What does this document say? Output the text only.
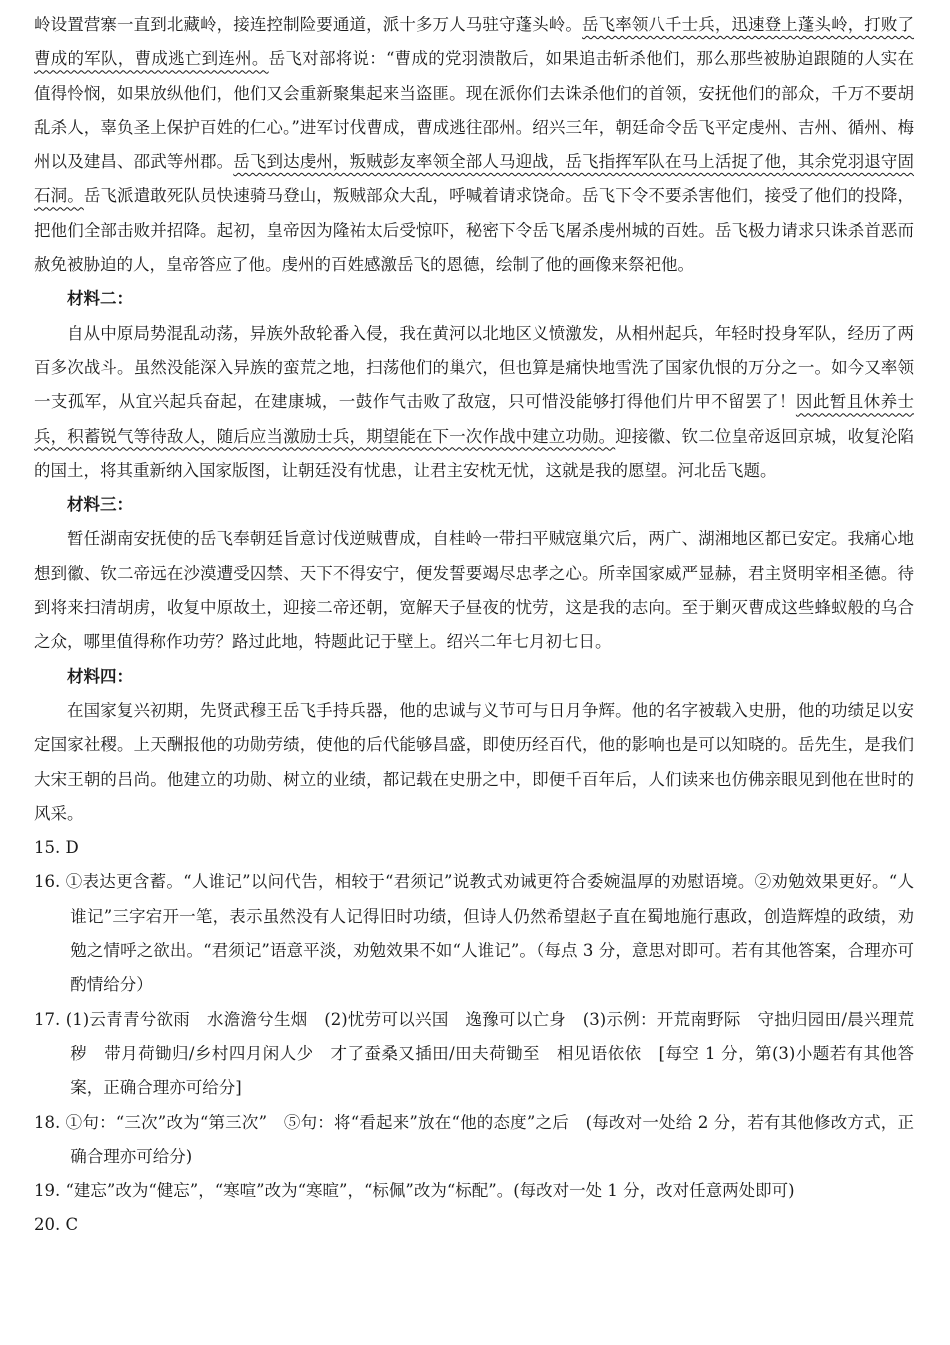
岭设置营寨一直到北藏岭，接连控制险要通道，派十多万人马驻守蓬头岭。岳飞率领八千士兵，迅速登上蓬头岭，打败了曹成的军队，曹成逃亡到连州。岳飞对部将说：“曹成的党羽溃散后，如果追击斩杀他们，那么那些被胁迫跟随的人实在值得怜悯，如果放纵他们，他们又会重新聚集起来当盗匪。现在派你们去诛杀他们的首领，安抚他们的部众，千万不要胡乱杀人，辜负圣上保护百姓的仁心。”进军讨伐曹成，曹成逃往邵州。绍兴三年，朝廷命令岳飞平定虔州、吉州、循州、梅州以及建昌、邵武等州郡。岳飞到达虔州，叛贼彭友率领全部人马迎战，岳飞指挥军队在马上活捉了他，其余党羽退守固石洞。岳飞派遣敢死队员快速骑马登山，叛贼部众大乱，呼喊着请求饶命。岳飞下令不要杀害他们，接受了他们的投降，把他们全部击败并招降。起初，皇帝因为隆祐太后受惊吓，秘密下令岳飞屠杀虔州城的百姓。岳飞极力请求只诛杀首恶而赦免被胁迫的人，皇帝答应了他。虔州的百姓感激岳飞的恩德，绘制了他的画像来祭祀他。

材料二：

自从中原局势混乱动荡，异族外敌轮番入侵，我在黄河以北地区义愤激发，从相州起兵，年轻时投身军队，经历了两百多次战斗。虽然没能深入异族的蛮荒之地，扫荡他们的巢穴，但也算是痛快地雪洗了国家仇恨的万分之一。如今又率领一支孤军，从宜兴起兵奋起，在建康城，一鼓作气击败了敌寇，只可惜没能够打得他们片甲不留罢了！因此暂且休养士兵，积蓄锐气等待敌人，随后应当激励士兵，期望能在下一次作战中建立功勋。迎接徽、钦二位皇帝返回京城，收复沦陷的国土，将其重新纳入国家版图，让朝廷没有忧患，让君主安枕无忧，这就是我的愿望。河北岳飞题。

材料三：

暂任湖南安抚使的岳飞奉朝廷旨意讨伐逆贼曹成，自桂岭一带扫平贼寇巢穴后，两广、湖湘地区都已安定。我痛心地想到徽、钦二帝远在沙漠遭受囚禁、天下不得安宁，便发誓要竭尽忠孝之心。所幸国家威严显赫，君主贤明宰相圣德。待到将来扫清胡虏，收复中原故土，迎接二帝还朝，宽解天子昼夜的忧劳，这是我的志向。至于剿灭曹成这些蜂蚁般的乌合之众，哪里值得称作功劳？路过此地，特题此记于壁上。绍兴二年七月初七日。

材料四：

在国家复兴初期，先贤武穆王岳飞手持兵器，他的忠诚与义节可与日月争辉。他的名字被载入史册，他的功绩足以安定国家社稷。上天酬报他的功勋劳绩，使他的后代能够昌盛，即使历经百代，他的影响也是可以知晓的。岳先生，是我们大宋王朝的吕尚。他建立的功勋、树立的业绩，都记载在史册之中，即便千百年后，人们读来也仿佛亲眼见到他在世时的风采。

15. D

16. ①表达更含蓄。“人谁记”以问代告，相较于“君须记”说教式劝诫更符合委婉温厚的劝慰语境。②劝勉效果更好。“人谁记”三字宕开一笔，表示虽然没有人记得旧时功绩，但诗人仍然希望赵子直在蜀地施行惠政，创造辉煌的政绩，劝勉之情呼之欲出。“君须记”语意平淡，劝勉效果不如“人谁记”。（每点 3 分，意思对即可。若有其他答案，合理亦可酌情给分）

17. (1)云青青兮欲雨　水澹澹兮生烟　(2)忧劳可以兴国　逸豫可以亡身　(3)示例：开荒南野际　守拙归园田/晨兴理荒秽　带月荷锄归/乡村四月闲人少　才了蚕桑又插田/田夫荷锄至　相见语依依　[每空 1 分，第(3)小题若有其他答案，正确合理亦可给分]

18. ①句：“三次”改为“第三次”　⑤句：将“看起来”放在“他的态度”之后　(每改对一处给 2 分，若有其他修改方式，正确合理亦可给分)

19. “建忘”改为“健忘”，“寒喧”改为“寒暄”，“标佩”改为“标配”。(每改对一处 1 分，改对任意两处即可)

20. C
